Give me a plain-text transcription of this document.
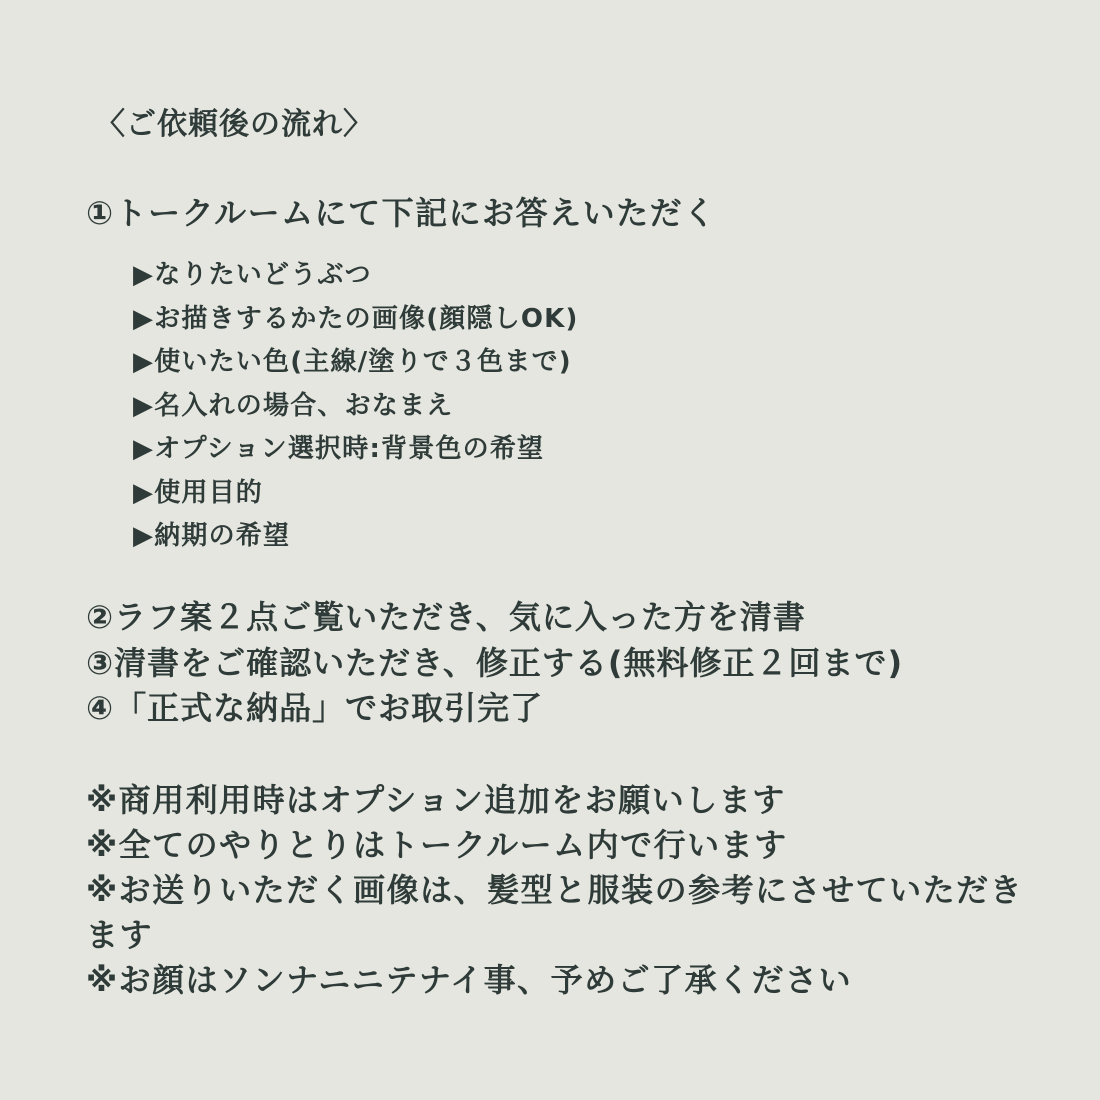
〈ご依頼後の流れ〉
①トークルームにて下記にお答えいただく
▶なりたいどうぶつ
▶お描きするかたの画像(顔隠しOK)
▶使いたい色(主線/塗りで３色まで)
▶名入れの場合、おなまえ
▶オプション選択時:背景色の希望
▶使用目的
▶納期の希望
②ラフ案２点ご覧いただき、気に入った方を清書
③清書をご確認いただき、修正する(無料修正２回まで)
④「正式な納品」でお取引完了
※商用利用時はオプション追加をお願いします
※全てのやりとりはトークルーム内で行います
※お送りいただく画像は、髪型と服装の参考にさせていただきます
※お顔はソンナニニテナイ事、予めご了承ください
